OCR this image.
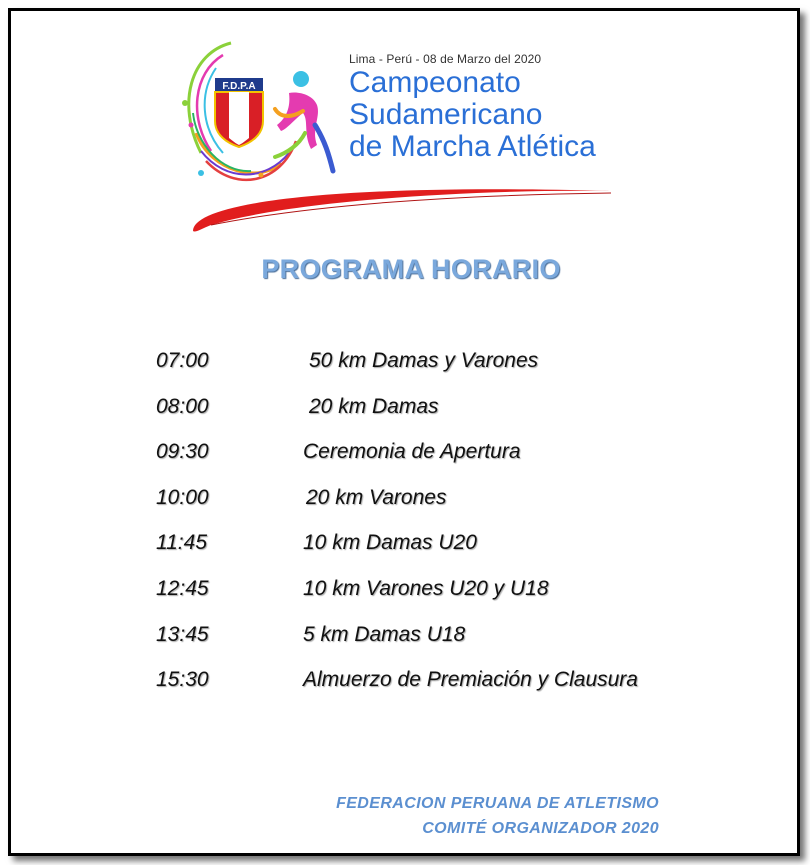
F.D.P.A
Lima - Perú - 08 de Marzo del 2020
Campeonato
Sudamericano
de Marcha Atlética
PROGRAMA HORARIO
07:00	50 km Damas y Varones
08:00	20 km Damas
09:30	Ceremonia de Apertura
10:00	20 km Varones
11:45	10 km Damas U20
12:45	10 km Varones U20 y U18
13:45	5 km Damas U18
15:30	Almuerzo de Premiación y Clausura
FEDERACION PERUANA DE ATLETISMO
COMITÉ ORGANIZADOR 2020
